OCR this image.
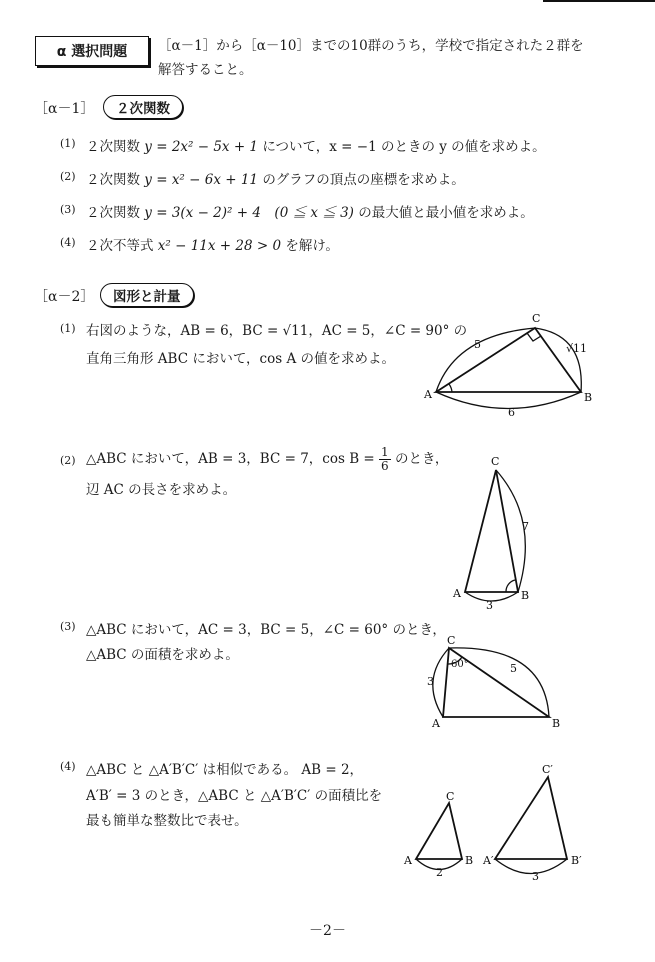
α 選択問題 ［α－1］から［α－10］までの10群のうち，学校で指定された２群を
解答すること。
［α－1］	２次関数
(1) ２次関数 y = 2x² − 5x + 1 について，x = −1 のときの y の値を求めよ。
(2) ２次関数 y = x² − 6x + 11 のグラフの頂点の座標を求めよ。
(3) ２次関数 y = 3(x − 2)² + 4　(0 ≦ x ≦ 3) の最大値と最小値を求めよ。
(4) ２次不等式 x² − 11x + 28 > 0 を解け。
［α－2］	図形と計量
(1) 右図のような，AB = 6，BC = √11，AC = 5，∠C = 90° の
直角三角形 ABC において，cos A の値を求めよ。
(2) △ABC において，AB = 3，BC = 7，$\cos B = \frac{1}{6}$ のとき，
辺 AC の長さを求めよ。
(3) △ABC において，AC = 3，BC = 5，∠C = 60° のとき，
△ABC の面積を求めよ。
(4) △ABC と △A′B′C′ は相似である。 AB = 2，
A′B′ = 3 のとき，△ABC と △A′B′C′ の面積比を
最も簡単な整数比で表せ。
A	B
C
5	√11
6
A	B
C
7
3
A	B
C
60°
3
5
A	B
C
2
A′	B′
C′
3
－2－
